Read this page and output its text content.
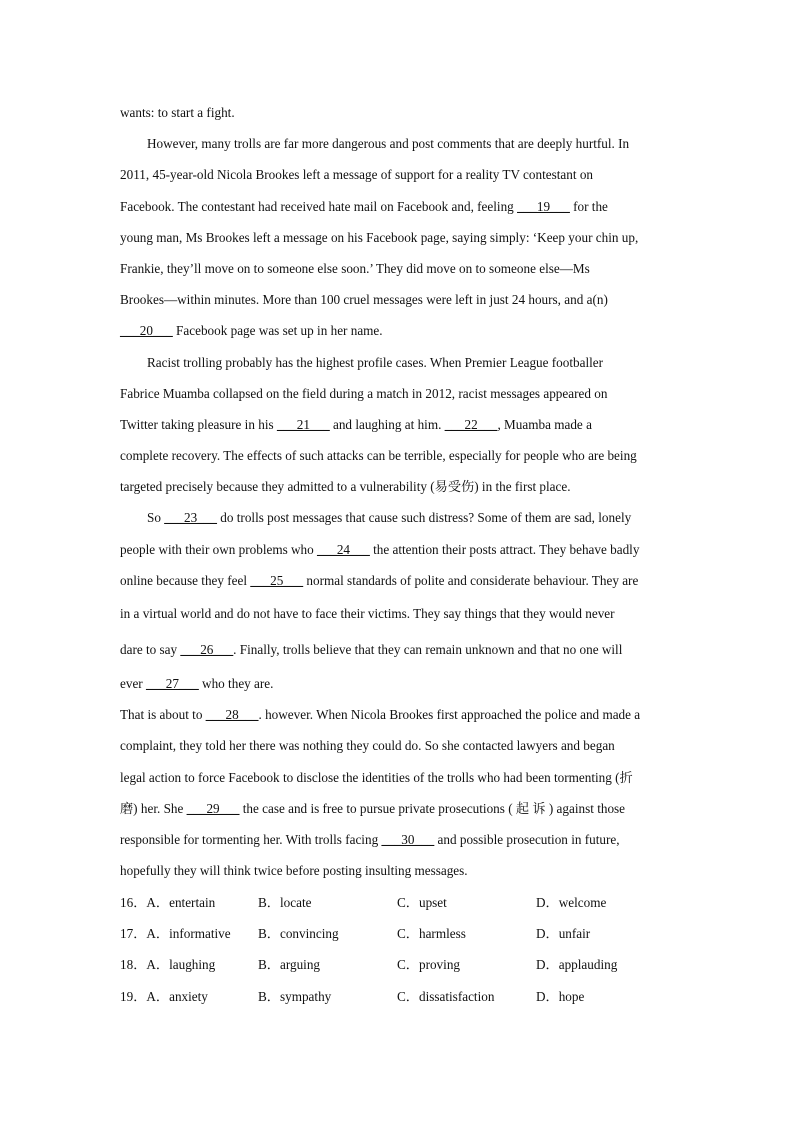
wants: to start a fight.
However, many trolls are far more dangerous and post comments that are deeply hurtful. In
2011, 45-year-old Nicola Brookes left a message of support for a reality TV contestant on
Facebook. The contestant had received hate mail on Facebook and, feeling ___19___ for the
young man, Ms Brookes left a message on his Facebook page, saying simply: ‘Keep your chin up,
Frankie, they’ll move on to someone else soon.’ They did move on to someone else—Ms
Brookes—within minutes. More than 100 cruel messages were left in just 24 hours, and a(n)
___20___ Facebook page was set up in her name.
Racist trolling probably has the highest profile cases. When Premier League footballer
Fabrice Muamba collapsed on the field during a match in 2012, racist messages appeared on
Twitter taking pleasure in his ___21___ and laughing at him. ___22___, Muamba made a
complete recovery. The effects of such attacks can be terrible, especially for people who are being
targeted precisely because they admitted to a vulnerability (易受伤) in the first place.
So ___23___ do trolls post messages that cause such distress? Some of them are sad, lonely
people with their own problems who ___24___ the attention their posts attract. They behave badly
online because they feel ___25___ normal standards of polite and considerate behaviour. They are
in a virtual world and do not have to face their victims. They say things that they would never
dare to say ___26___. Finally, trolls believe that they can remain unknown and that no one will
ever ___27___ who they are.
That is about to ___28___. however. When Nicola Brookes first approached the police and made a
complaint, they told her there was nothing they could do. So she contacted lawyers and began
legal action to force Facebook to disclose the identities of the trolls who had been tormenting (折
磨) her. She ___29___ the case and is free to pursue private prosecutions ( 起 诉 ) against those
responsible for tormenting her. With trolls facing ___30___ and possible prosecution in future,
hopefully they will think twice before posting insulting messages.
16．A．entertain	B．locate	C．upset	D．welcome
17．A．informative B．convincing	C．harmless	D．unfair
18．A．laughing	B．arguing	C．proving	D．applauding
19．A．anxiety	B．sympathy	C．dissatisfaction	D．hope
